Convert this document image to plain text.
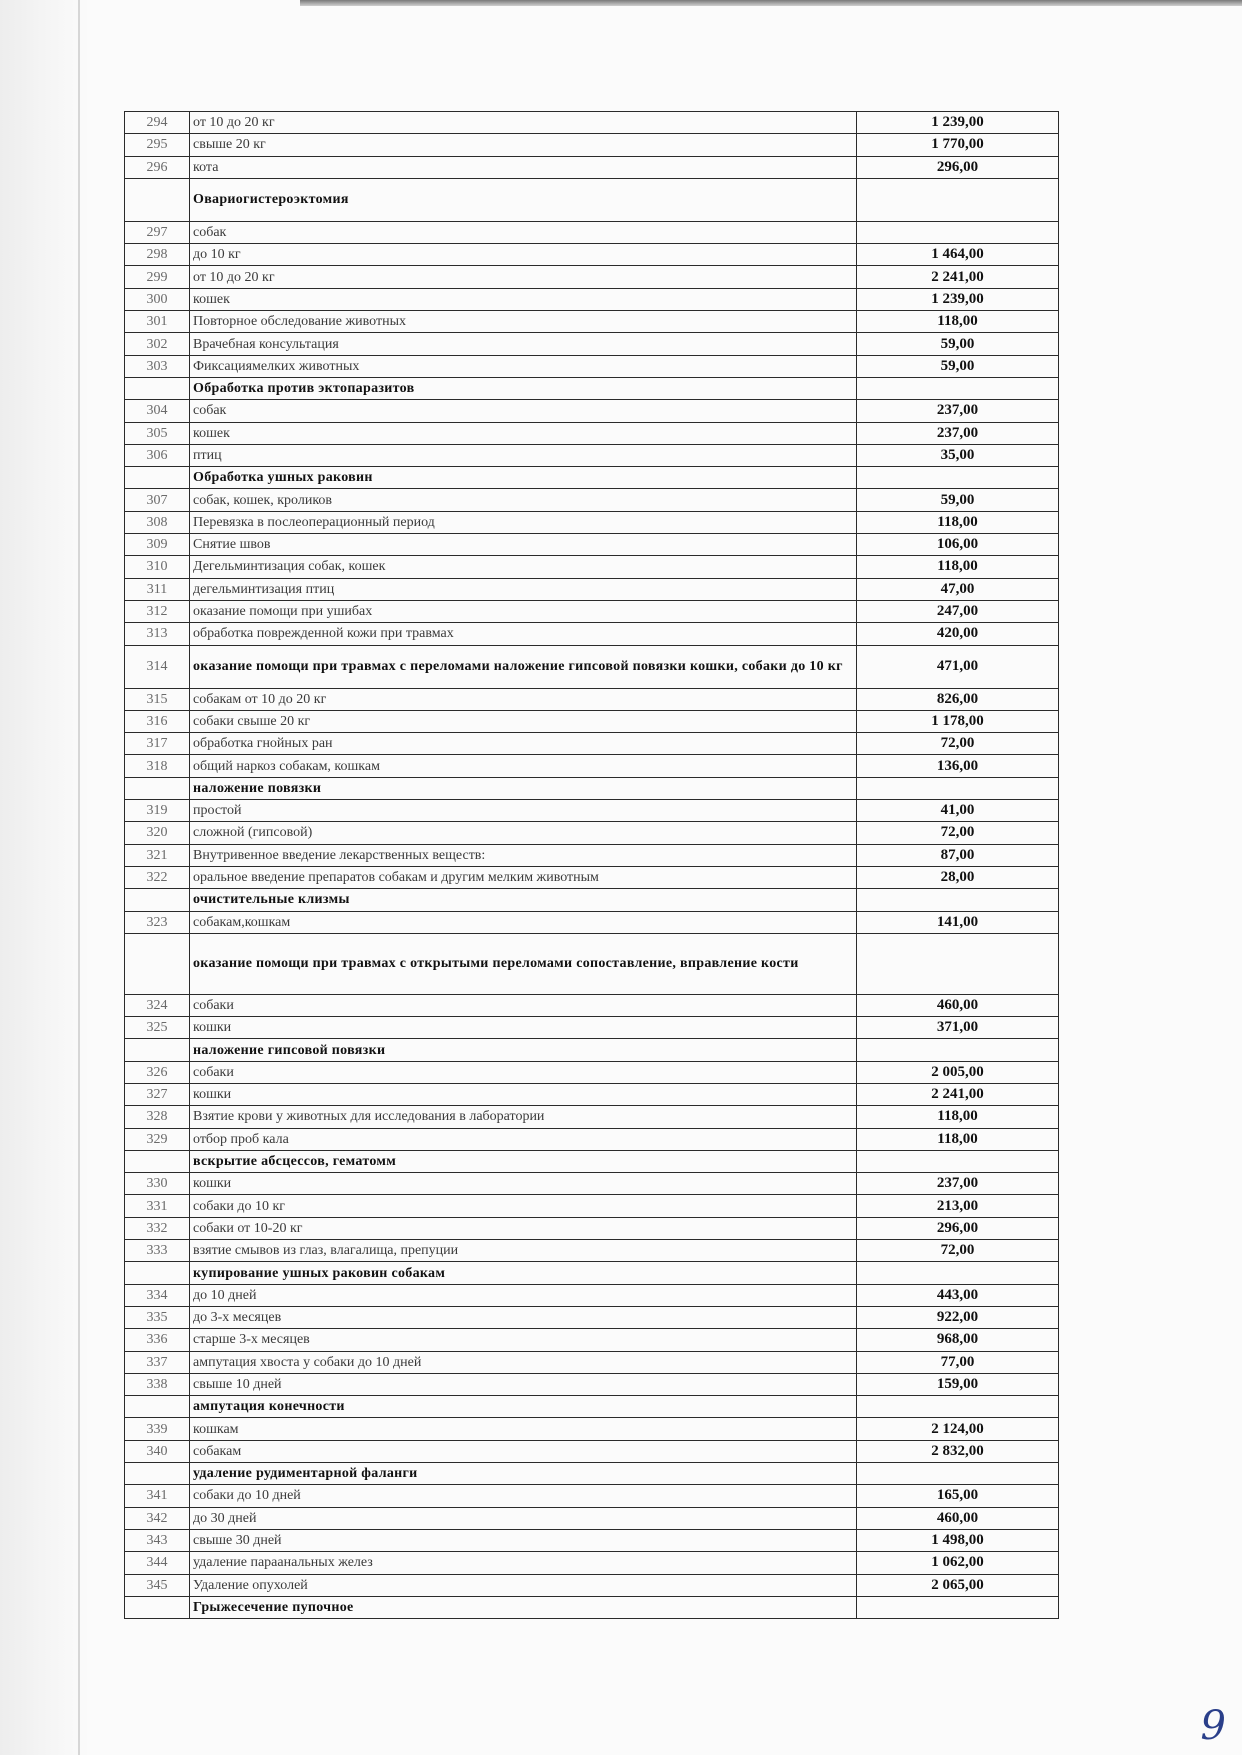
294	от 10 до 20 кг	1 239,00
295	свыше 20 кг	1 770,00
296	кота	296,00
	Овариогистероэктомия	
297	собак	
298	до 10 кг	1 464,00
299	от 10 до 20 кг	2 241,00
300	кошек	1 239,00
301	Повторное обследование животных	118,00
302	Врачебная консультация	59,00
303	Фиксациямелких животных	59,00
	Обработка против эктопаразитов	
304	собак	237,00
305	кошек	237,00
306	птиц	35,00
	Обработка ушных раковин	
307	собак, кошек, кроликов	59,00
308	Перевязка в послеоперационный период	118,00
309	Снятие швов	106,00
310	Дегельминтизация собак, кошек	118,00
311	дегельминтизация птиц	47,00
312	оказание помощи при ушибах	247,00
313	обработка поврежденной кожи при травмах	420,00
314	оказание помощи при травмах с переломами наложение гипсовой повязки кошки, собаки до 10 кг	471,00
315	собакам от 10 до 20 кг	826,00
316	собаки свыше 20 кг	1 178,00
317	обработка гнойных ран	72,00
318	общий наркоз собакам, кошкам	136,00
	наложение повязки	
319	простой	41,00
320	сложной (гипсовой)	72,00
321	Внутривенное введение лекарственных веществ:	87,00
322	оральное введение препаратов собакам и другим мелким животным	28,00
	очистительные клизмы	
323	собакам,кошкам	141,00
	оказание помощи при травмах с открытыми переломами сопоставление, вправление кости	
324	собаки	460,00
325	кошки	371,00
	наложение гипсовой повязки	
326	собаки	2 005,00
327	кошки	2 241,00
328	Взятие крови у животных для исследования в лаборатории	118,00
329	отбор проб кала	118,00
	вскрытие абсцессов, гематомм	
330	кошки	237,00
331	собаки до 10 кг	213,00
332	собаки от 10-20 кг	296,00
333	взятие смывов из глаз, влагалища, препуции	72,00
	купирование ушных раковин собакам	
334	до 10 дней	443,00
335	до 3-х месяцев	922,00
336	старше 3-х месяцев	968,00
337	ампутация хвоста у собаки до 10 дней	77,00
338	свыше 10 дней	159,00
	ампутация конечности	
339	кошкам	2 124,00
340	собакам	2 832,00
	удаление рудиментарной фаланги	
341	собаки до 10 дней	165,00
342	до 30 дней	460,00
343	свыше 30 дней	1 498,00
344	удаление параанальных желез	1 062,00
345	Удаление опухолей	2 065,00
	Грыжесечение пупочное	
9
